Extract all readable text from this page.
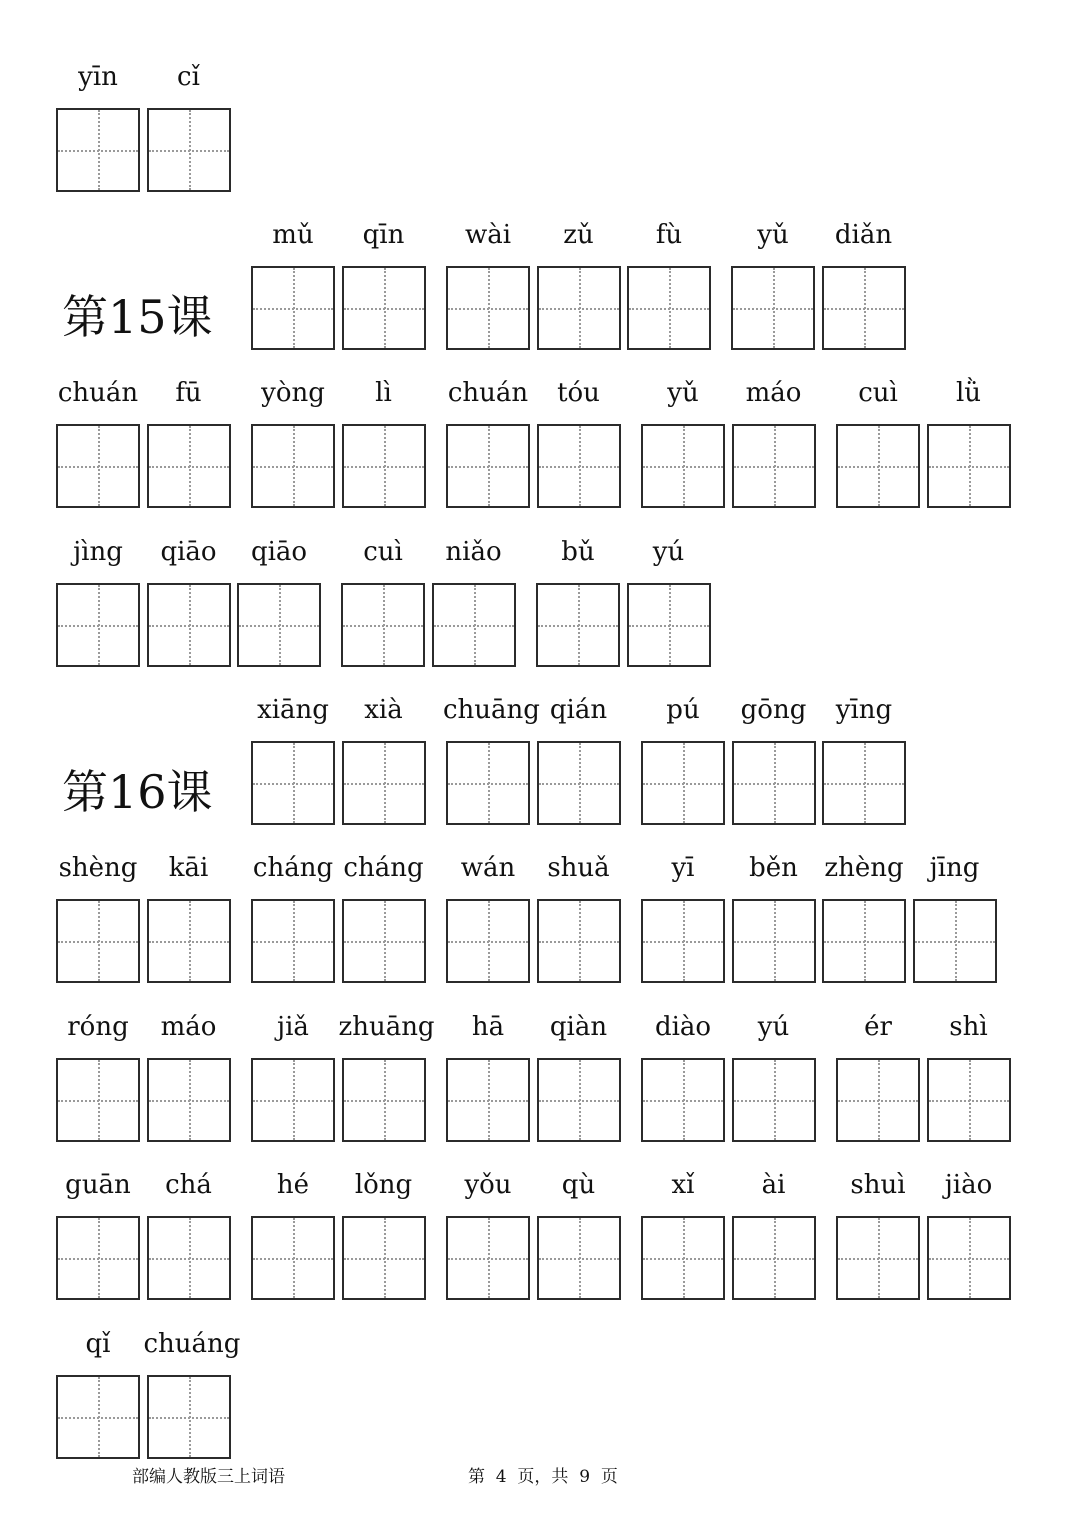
yīn	cǐ
第15课
mǔ	qīn	wài	zǔ	fù	yǔ	diǎn
chuán	fū	yòng	lì	chuán	tóu	yǔ	máo	cuì	lǜ
jìng	qiāo	qiāo	cuì	niǎo	bǔ	yú
第16课
xiāng	xià	chuāng qián	pú	gōng	yīng
shèng	kāi	cháng cháng	wán	shuǎ	yī	běn	zhèng	jīng
róng	máo	jiǎ	zhuāng	hā	qiàn	diào	yú	ér	shì
guān	chá	hé	lǒng	yǒu	qù	xǐ	ài	shuì	jiào
qǐ	chuáng
部编人教版三上词语	第  4  页，共  9  页
